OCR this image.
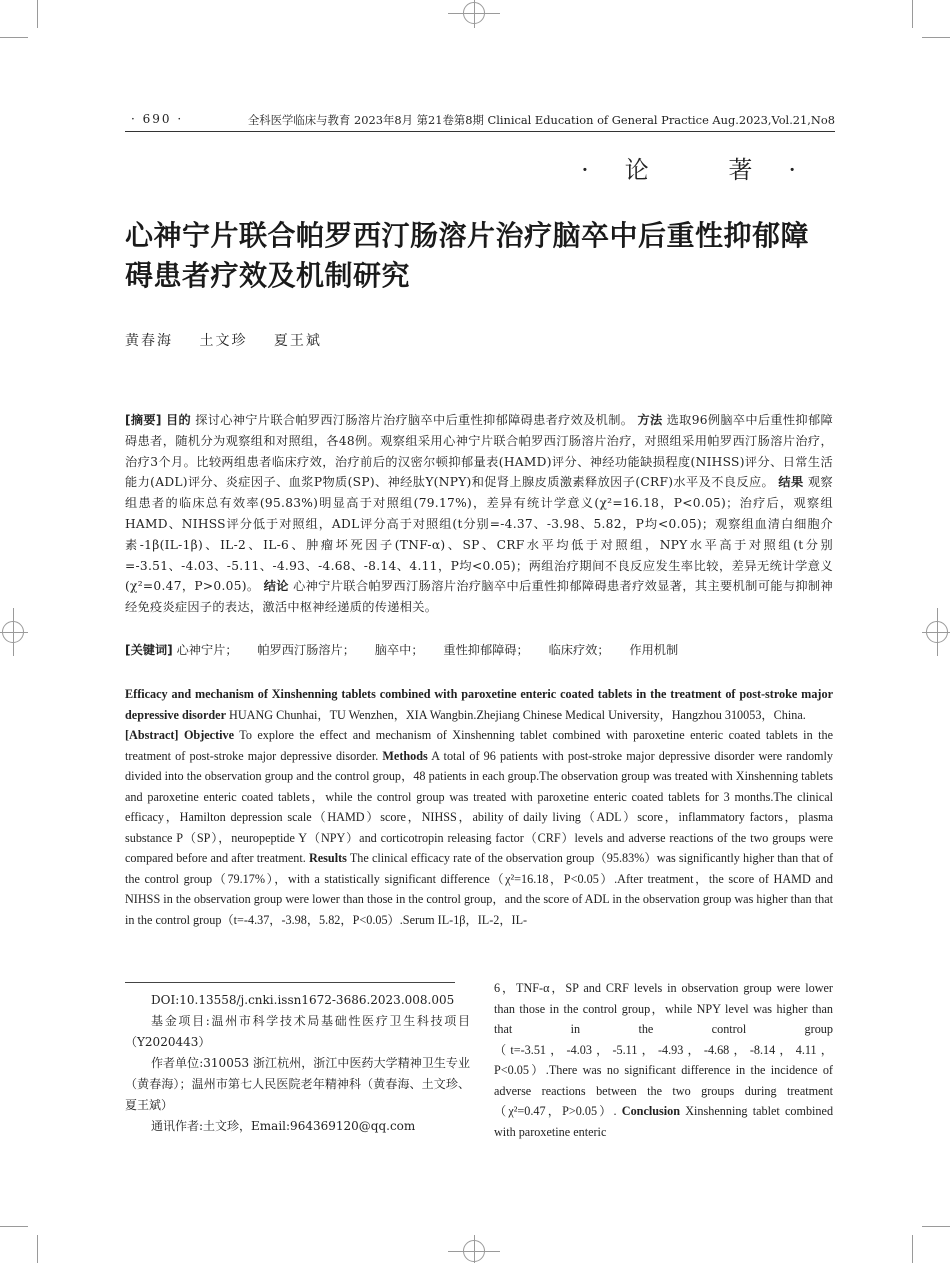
· 690 ·	全科医学临床与教育 2023年8月 第21卷第8期 Clinical Education of General Practice Aug.2023,Vol.21,No8
·论 著·
心神宁片联合帕罗西汀肠溶片治疗脑卒中后重性抑郁障碍患者疗效及机制研究
黄春海 土文珍 夏王斌
[摘要] 目的 探讨心神宁片联合帕罗西汀肠溶片治疗脑卒中后重性抑郁障碍患者疗效及机制。 方法 选取96例脑卒中后重性抑郁障碍患者，随机分为观察组和对照组，各48例。观察组采用心神宁片联合帕罗西汀肠溶片治疗，对照组采用帕罗西汀肠溶片治疗，治疗3个月。比较两组患者临床疗效，治疗前后的汉密尔顿抑郁量表(HAMD)评分、神经功能缺损程度(NIHSS)评分、日常生活能力(ADL)评分、炎症因子、血浆P物质(SP)、神经肽Y(NPY)和促肾上腺皮质激素释放因子(CRF)水平及不良反应。 结果 观察组患者的临床总有效率(95.83%)明显高于对照组(79.17%)，差异有统计学意义(χ²=16.18，P<0.05)；治疗后，观察组HAMD、NIHSS评分低于对照组，ADL评分高于对照组(t分别=-4.37、-3.98、5.82，P均<0.05)；观察组血清白细胞介素-1β(IL-1β)、IL-2、IL-6、肿瘤坏死因子(TNF-α)、SP、CRF水平均低于对照组，NPY水平高于对照组(t分别=-3.51、-4.03、-5.11、-4.93、-4.68、-8.14、4.11，P均<0.05)；两组治疗期间不良反应发生率比较，差异无统计学意义(χ²=0.47，P>0.05)。 结论 心神宁片联合帕罗西汀肠溶片治疗脑卒中后重性抑郁障碍患者疗效显著，其主要机制可能与抑制神经免疫炎症因子的表达，激活中枢神经递质的传递相关。
[关键词] 心神宁片； 帕罗西汀肠溶片； 脑卒中； 重性抑郁障碍； 临床疗效； 作用机制
Efficacy and mechanism of Xinshenning tablets combined with paroxetine enteric coated tablets in the treatment of post-stroke major depressive disorder HUANG Chunhai，TU Wenzhen，XIA Wangbin.Zhejiang Chinese Medical University，Hangzhou 310053，China.
[Abstract] Objective To explore the effect and mechanism of Xinshenning tablet combined with paroxetine enteric coated tablets in the treatment of post-stroke major depressive disorder. Methods A total of 96 patients with post-stroke major depressive disorder were randomly divided into the observation group and the control group，48 patients in each group.The observation group was treated with Xinshenning tablets and paroxetine enteric coated tablets，while the control group was treated with paroxetine enteric coated tablets for 3 months.The clinical efficacy，Hamilton depression scale（HAMD）score，NIHSS，ability of daily living（ADL）score，inflammatory factors，plasma substance P（SP），neuropeptide Y（NPY）and corticotropin releasing factor（CRF）levels and adverse reactions of the two groups were compared before and after treatment. Results The clinical efficacy rate of the observation group（95.83%）was significantly higher than that of the control group（79.17%），with a statistically significant difference（χ²=16.18，P<0.05）.After treatment，the score of HAMD and NIHSS in the observation group were lower than those in the control group，and the score of ADL in the observation group was higher than that in the control group（t=-4.37，-3.98，5.82，P<0.05）.Serum IL-1β，IL-2，IL-

DOI:10.13558/j.cnki.issn1672-3686.2023.008.005

基金项目:温州市科学技术局基础性医疗卫生科技项目（Y2020443）

作者单位:310053 浙江杭州，浙江中医药大学精神卫生专业（黄春海）；温州市第七人民医院老年精神科（黄春海、土文珍、夏王斌）

通讯作者:土文珍，Email:964369120@qq.com

6，TNF-α，SP and CRF levels in observation group were lower than those in the control group，while NPY level was higher than that in the control group（t=-3.51，-4.03，-5.11，-4.93，-4.68，-8.14，4.11，P<0.05）.There was no significant difference in the incidence of adverse reactions between the two groups during treatment（χ²=0.47，P>0.05）. Conclusion Xinshenning tablet combined with paroxetine enteric
